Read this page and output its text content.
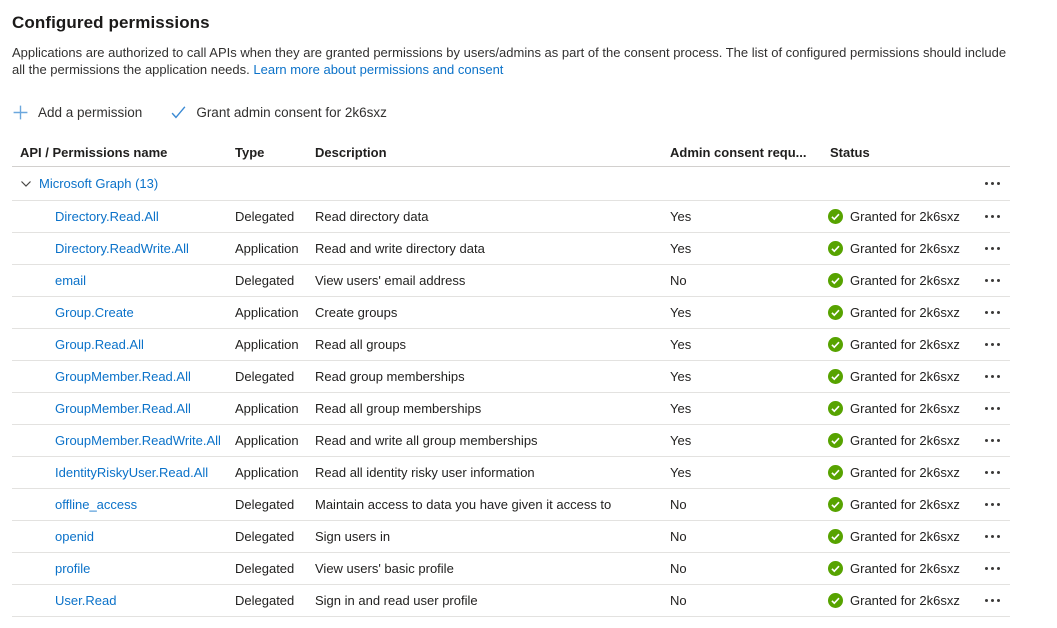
Configured permissions
Applications are authorized to call APIs when they are granted permissions by users/admins as part of the consent process. The list of configured permissions should include all the permissions the application needs. Learn more about permissions and consent
Add a permission	Grant admin consent for 2k6sxz
API / Permissions name	Type	Description	Admin consent requ...	Status
Microsoft Graph (13)
Directory.Read.All	Delegated	Read directory data	Yes	Granted for 2k6sxz
Directory.ReadWrite.All	Application	Read and write directory data	Yes	Granted for 2k6sxz
email	Delegated	View users' email address	No	Granted for 2k6sxz
Group.Create	Application	Create groups	Yes	Granted for 2k6sxz
Group.Read.All	Application	Read all groups	Yes	Granted for 2k6sxz
GroupMember.Read.All	Delegated	Read group memberships	Yes	Granted for 2k6sxz
GroupMember.Read.All	Application	Read all group memberships	Yes	Granted for 2k6sxz
GroupMember.ReadWrite.All	Application	Read and write all group memberships	Yes	Granted for 2k6sxz
IdentityRiskyUser.Read.All	Application	Read all identity risky user information	Yes	Granted for 2k6sxz
offline_access	Delegated	Maintain access to data you have given it access to	No	Granted for 2k6sxz
openid	Delegated	Sign users in	No	Granted for 2k6sxz
profile	Delegated	View users' basic profile	No	Granted for 2k6sxz
User.Read	Delegated	Sign in and read user profile	No	Granted for 2k6sxz
